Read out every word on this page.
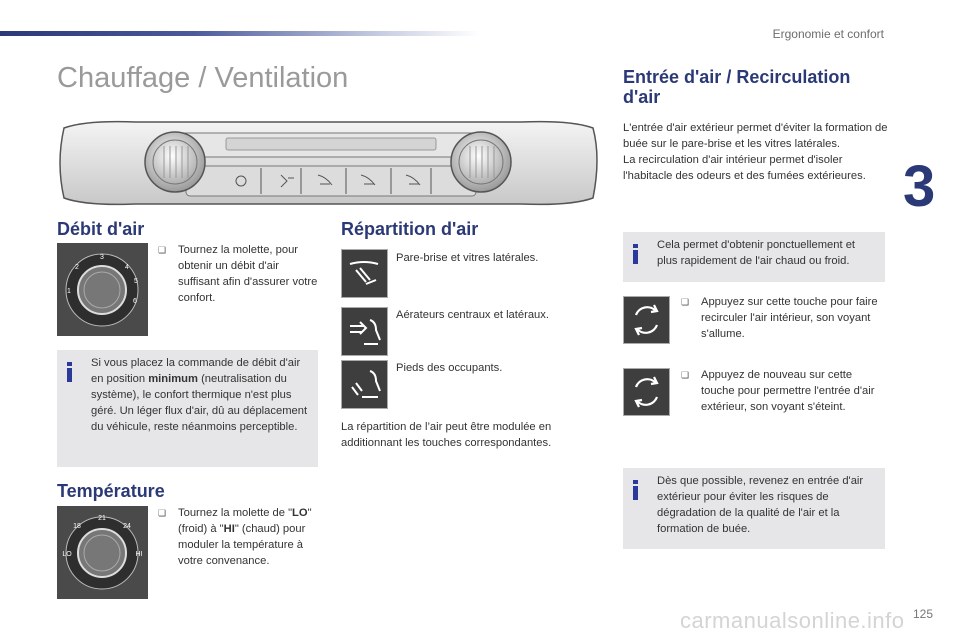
Ergonomie et confort
3
Chauffage / Ventilation
Débit d'air
3
2
1
4
5
6
❏	Tournez la molette, pour obtenir un débit d'air suffisant afin d'assurer votre confort.
Si vous placez la commande de débit d'air en position minimum (neutralisation du système), le confort thermique n'est plus géré. Un léger flux d'air, dû au déplacement du véhicule, reste néanmoins perceptible.
Température
21
18	24
LO	HI
❏	Tournez la molette de "LO" (froid) à "HI" (chaud) pour moduler la température à votre convenance.
Répartition d'air
Pare-brise et vitres latérales.
Aérateurs centraux et latéraux.
Pieds des occupants.
La répartition de l’air peut être modulée en additionnant les touches correspondantes.
Entrée d'air / Recirculation d'air
L'entrée d'air extérieur permet d'éviter la formation de buée sur le pare-brise et les vitres latérales.
La recirculation d'air intérieur permet d'isoler l'habitacle des odeurs et des fumées extérieures.
Cela permet d'obtenir ponctuellement et plus rapidement de l'air chaud ou froid.
❏	Appuyez sur cette touche pour faire recirculer l'air intérieur, son voyant s'allume.
❏	Appuyez de nouveau sur cette touche pour permettre l'entrée d'air extérieur, son voyant s'éteint.
Dès que possible, revenez en entrée d'air extérieur pour éviter les risques de dégradation de la qualité de l'air et la formation de buée.
carmanualsonline.info 125
